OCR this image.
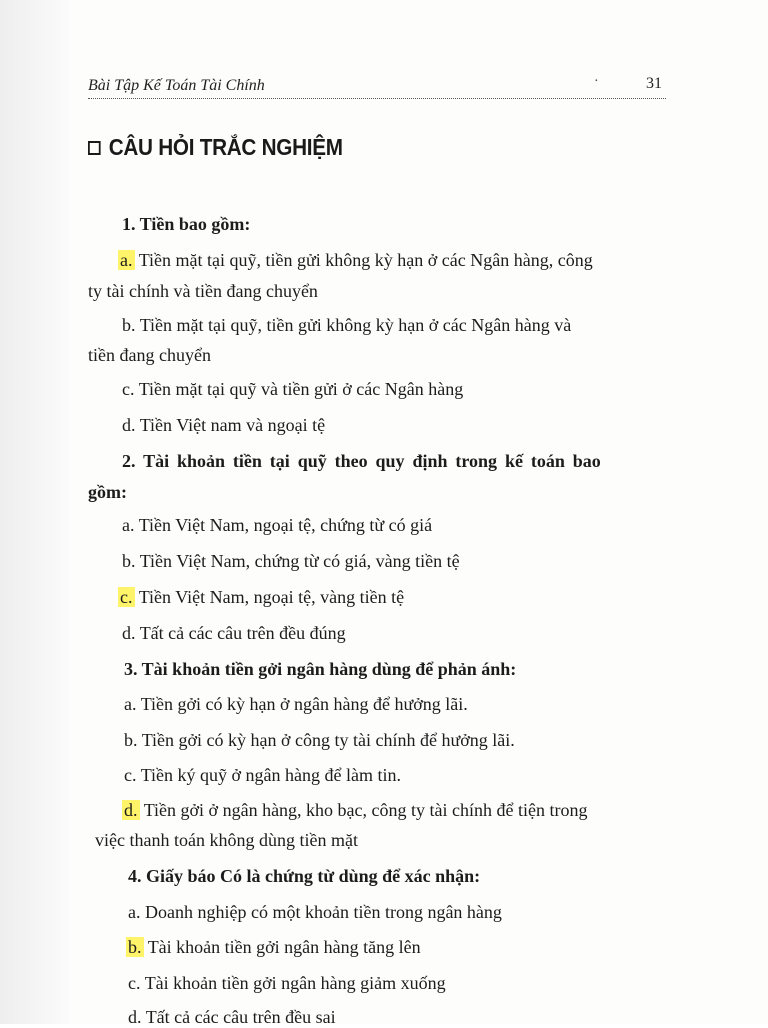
Bài Tập Kế Toán Tài Chính	·	31
CÂU HỎI TRẮC NGHIỆM
1. Tiền bao gồm:
a. Tiền mặt tại quỹ, tiền gửi không kỳ hạn ở các Ngân hàng, công
ty tài chính và tiền đang chuyển
b. Tiền mặt tại quỹ, tiền gửi không kỳ hạn ở các Ngân hàng và
tiền đang chuyển
c. Tiền mặt tại quỹ và tiền gửi ở các Ngân hàng
d. Tiền Việt nam và ngoại tệ
2. Tài khoản tiền tại quỹ theo quy định trong kế toán bao
gồm:
a. Tiền Việt Nam, ngoại tệ, chứng từ có giá
b. Tiền Việt Nam, chứng từ có giá, vàng tiền tệ
c. Tiền Việt Nam, ngoại tệ, vàng tiền tệ
d. Tất cả các câu trên đều đúng
3. Tài khoản tiền gởi ngân hàng dùng để phản ánh:
a. Tiền gởi có kỳ hạn ở ngân hàng để hưởng lãi.
b. Tiền gởi có kỳ hạn ở công ty tài chính để hưởng lãi.
c. Tiền ký quỹ ở ngân hàng để làm tin.
d. Tiền gởi ở ngân hàng, kho bạc, công ty tài chính để tiện trong
việc thanh toán không dùng tiền mặt
4. Giấy báo Có là chứng từ dùng để xác nhận:
a. Doanh nghiệp có một khoản tiền trong ngân hàng
b. Tài khoản tiền gởi ngân hàng tăng lên
c. Tài khoản tiền gởi ngân hàng giảm xuống
d. Tất cả các câu trên đều sai
